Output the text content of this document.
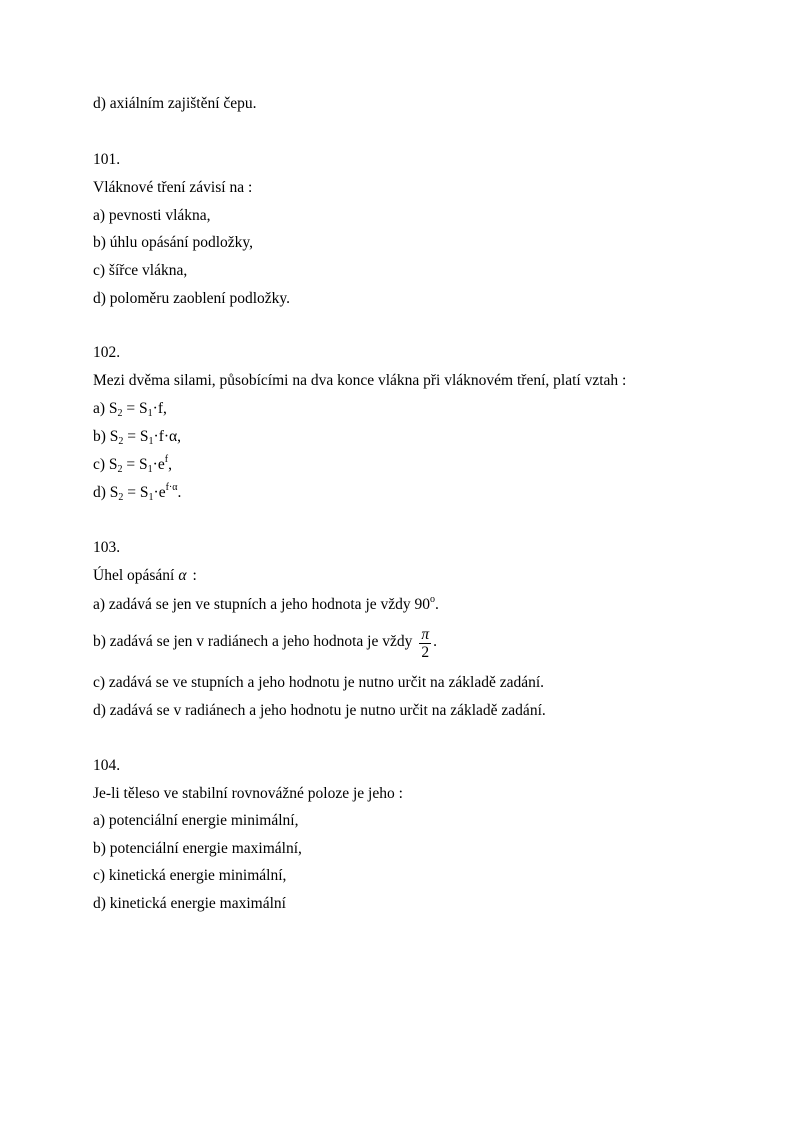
d) axiálním zajištění čepu.
101.
Vláknové tření závisí na :
a) pevnosti vlákna,
b) úhlu opásání podložky,
c) šířce vlákna,
d) poloměru zaoblení podložky.
102.
Mezi dvěma silami, působícími na dva konce vlákna při vláknovém tření, platí vztah :
a) $S_2 = S_1\cdot f$,
b) $S_2 = S_1\cdot f\cdot\alpha$,
c) $S_2 = S_1\cdot e^f$,
d) $S_2 = S_1\cdot e^{f\cdot\alpha}$.
103.
Úhel opásání α :
a) zadává se jen ve stupních a jeho hodnota je vždy 90$^o$.
b) zadává se jen v radiánech a jeho hodnota je vždy $\frac{\pi}{2}$ .
c) zadává se ve stupních a jeho hodnotu je nutno určit na základě zadání.
d) zadává se v radiánech a jeho hodnotu je nutno určit na základě zadání.
104.
Je-li těleso ve stabilní rovnovážné poloze je jeho :
a) potenciální energie minimální,
b) potenciální energie maximální,
c) kinetická energie minimální,
d) kinetická energie maximální
